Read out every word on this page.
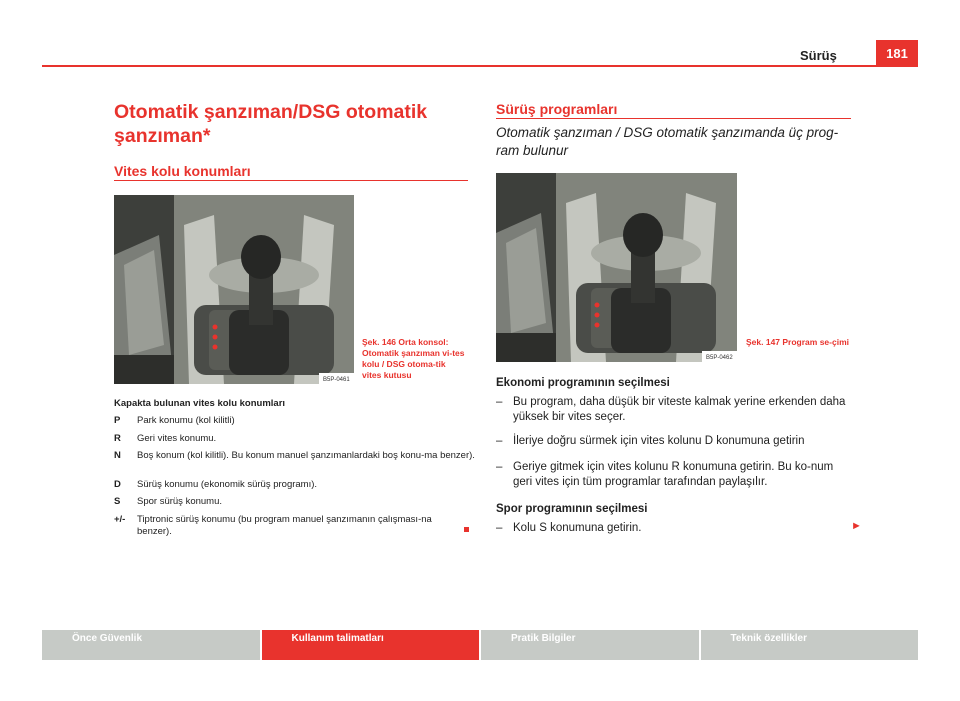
Sürüş	181
Otomatik şanzıman/DSG otomatik şanzıman*
Vites kolu konumları
B5P-0461
Şek. 146 Orta konsol: Otomatik şanzıman vi-tes kolu / DSG otoma-tik vites kutusu
Kapakta bulunan vites kolu konumları
P	Park konumu (kol kilitli)
R	Geri vites konumu.
N	Boş konum (kol kilitli). Bu konum manuel şanzımanlardaki boş konu-ma benzer).
D	Sürüş konumu (ekonomik sürüş programı).
S	Spor sürüş konumu.
+/-	Tiptronic sürüş konumu (bu program manuel şanzımanın çalışması-na benzer).
Sürüş programları
Otomatik şanzıman / DSG otomatik şanzımanda üç prog-ram bulunur
B5P-0462
Şek. 147 Program se-çimi
Ekonomi programının seçilmesi
– Bu program, daha düşük bir viteste kalmak yerine erkenden daha yüksek bir vites seçer.
– İleriye doğru sürmek için vites kolunu D konumuna getirin
– Geriye gitmek için vites kolunu R konumuna getirin. Bu ko-num geri vites için tüm programlar tarafından paylaşılır.
Spor programının seçilmesi
– Kolu S konumuna getirin.	►
Önce Güvenlik	Kullanım talimatları	Pratik Bilgiler	Teknik özellikler
